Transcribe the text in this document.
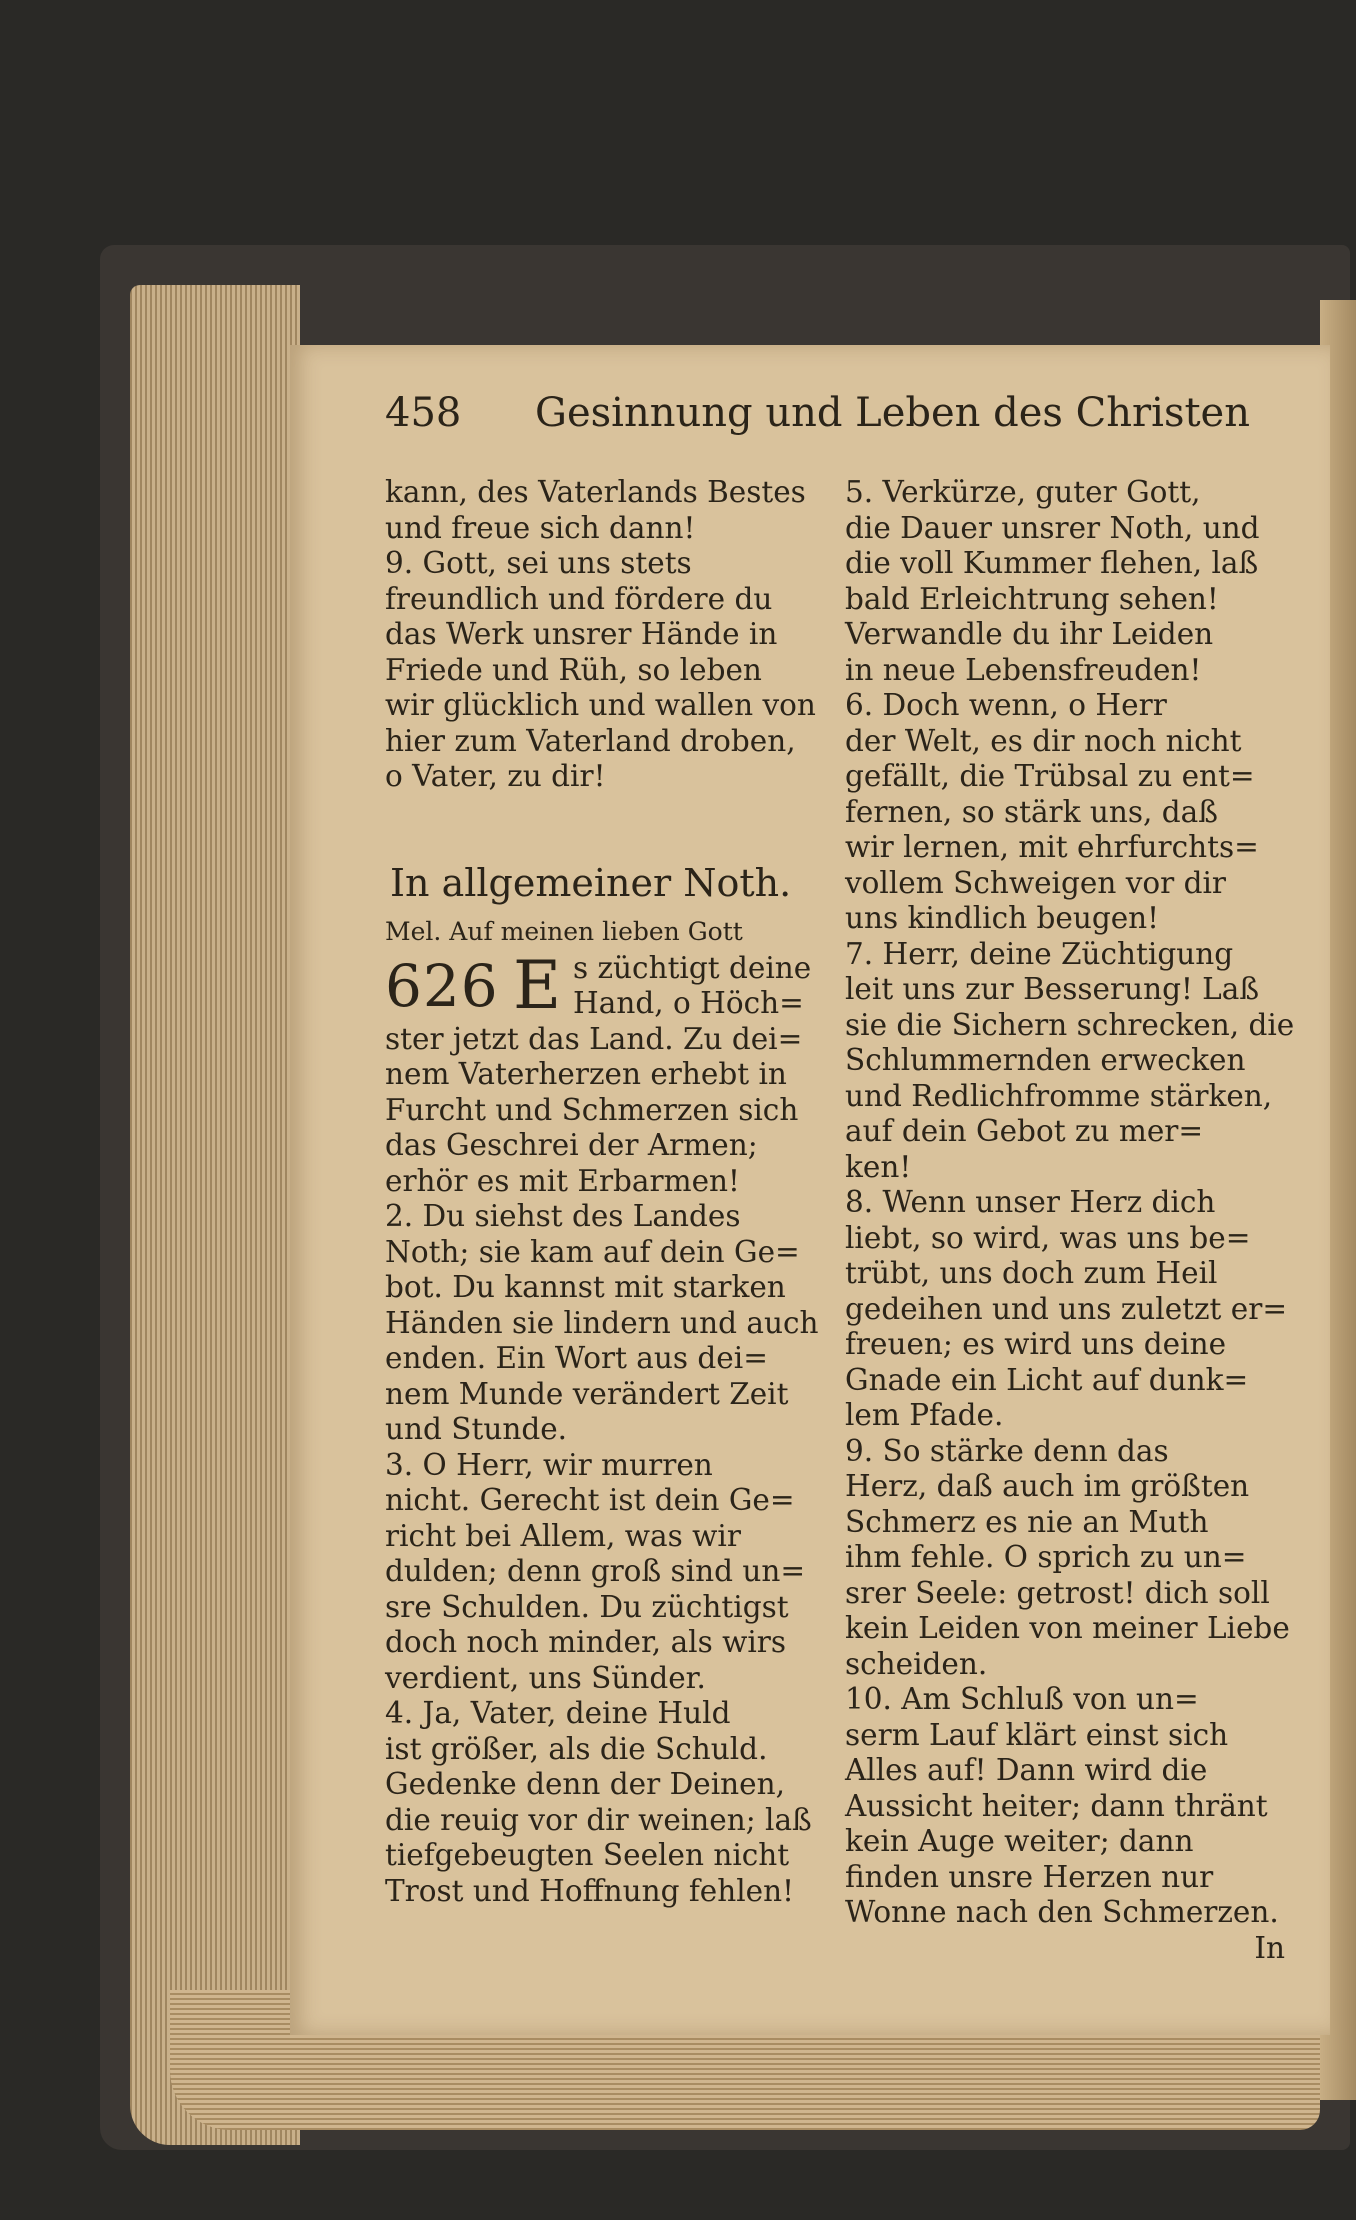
458 Gesinnung und Leben des Christen
kann, des Vaterlands Bestes
und freue sich dann!
9. Gott, sei uns stets
freundlich und fördere du
das Werk unsrer Hände in
Friede und Rüh, so leben
wir glücklich und wallen von
hier zum Vaterland droben,
o Vater, zu dir!
In allgemeiner Noth.
Mel. Auf meinen lieben Gott
626 E s züchtigt deine
Hand, o Höch=
ster jetzt das Land. Zu dei=
nem Vaterherzen erhebt in
Furcht und Schmerzen sich
das Geschrei der Armen;
erhör es mit Erbarmen!
2. Du siehst des Landes
Noth; sie kam auf dein Ge=
bot. Du kannst mit starken
Händen sie lindern und auch
enden. Ein Wort aus dei=
nem Munde verändert Zeit
und Stunde.
3. O Herr, wir murren
nicht. Gerecht ist dein Ge=
richt bei Allem, was wir
dulden; denn groß sind un=
sre Schulden. Du züchtigst
doch noch minder, als wirs
verdient, uns Sünder.
4. Ja, Vater, deine Huld
ist größer, als die Schuld.
Gedenke denn der Deinen,
die reuig vor dir weinen; laß
tiefgebeugten Seelen nicht
Trost und Hoffnung fehlen!
5. Verkürze, guter Gott,
die Dauer unsrer Noth, und
die voll Kummer flehen, laß
bald Erleichtrung sehen!
Verwandle du ihr Leiden
in neue Lebensfreuden!
6. Doch wenn, o Herr
der Welt, es dir noch nicht
gefällt, die Trübsal zu ent=
fernen, so stärk uns, daß
wir lernen, mit ehrfurchts=
vollem Schweigen vor dir
uns kindlich beugen!
7. Herr, deine Züchtigung
leit uns zur Besserung! Laß
sie die Sichern schrecken, die
Schlummernden erwecken
und Redlichfromme stärken,
auf dein Gebot zu mer=
ken!
8. Wenn unser Herz dich
liebt, so wird, was uns be=
trübt, uns doch zum Heil
gedeihen und uns zuletzt er=
freuen; es wird uns deine
Gnade ein Licht auf dunk=
lem Pfade.
9. So stärke denn das
Herz, daß auch im größten
Schmerz es nie an Muth
ihm fehle. O sprich zu un=
srer Seele: getrost! dich soll
kein Leiden von meiner Liebe
scheiden.
10. Am Schluß von un=
serm Lauf klärt einst sich
Alles auf! Dann wird die
Aussicht heiter; dann thränt
kein Auge weiter; dann
finden unsre Herzen nur
Wonne nach den Schmerzen.
In
